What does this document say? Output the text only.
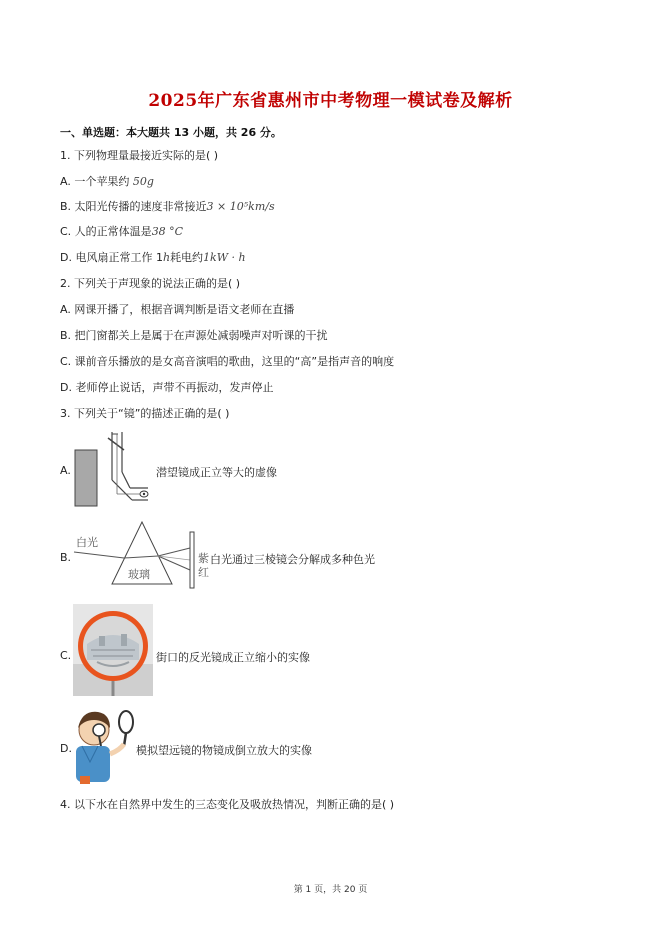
2025年广东省惠州市中考物理一模试卷及解析
一、单选题：本大题共 13 小题，共 26 分。
1. 下列物理量最接近实际的是( )
A. 一个苹果约 50g
B. 太阳光传播的速度非常接近3 × 10⁵km/s
C. 人的正常体温是38 °C
D. 电风扇正常工作 1h耗电约1kW · h
2. 下列关于声现象的说法正确的是( )
A. 网课开播了，根据音调判断是语文老师在直播
B. 把门窗都关上是属于在声源处减弱噪声对听课的干扰
C. 课前音乐播放的是女高音演唱的歌曲，这里的“高”是指声音的响度
D. 老师停止说话，声带不再振动，发声停止
3. 下列关于“镜”的描述正确的是( )
A.	潜望镜成正立等大的虚像
B.
白光
玻璃
紫
红
白光通过三棱镜会分解成多种色光
C.	街口的反光镜成正立缩小的实像
D.	模拟望远镜的物镜成倒立放大的实像
4. 以下水在自然界中发生的三态变化及吸放热情况，判断正确的是( )
第 1 页，共 20 页
